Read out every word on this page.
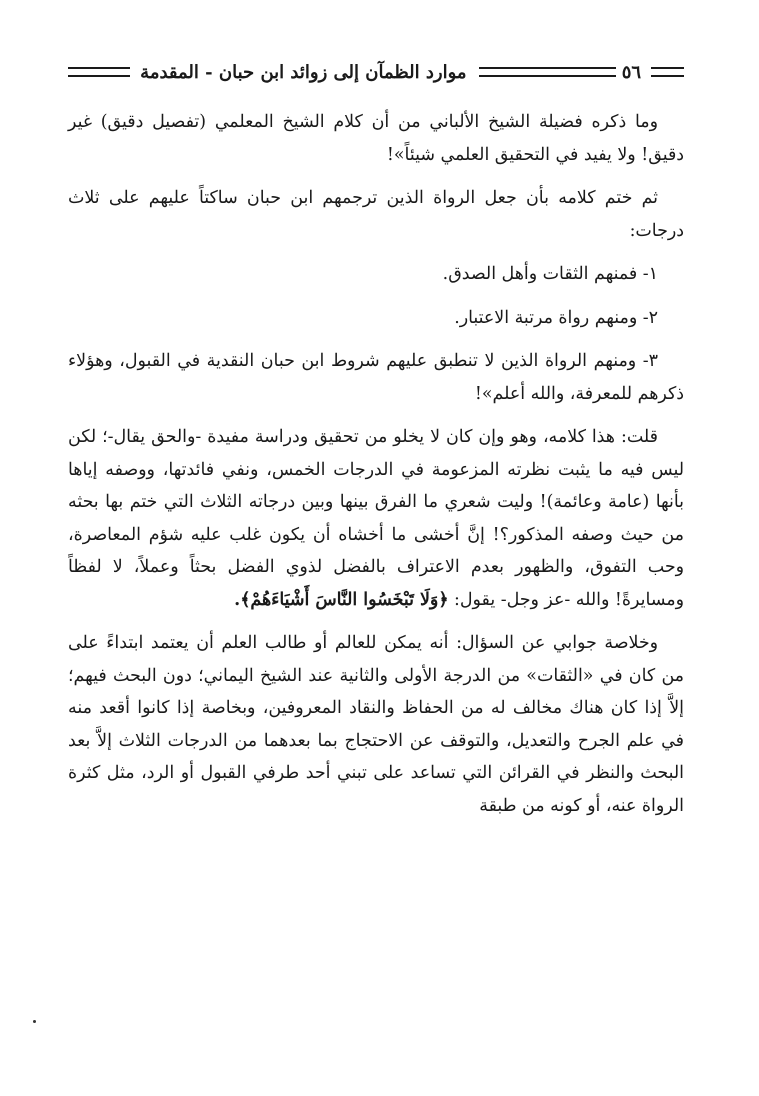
٥٦
موارد الظمآن إلى زوائد ابن حبان - المقدمة

وما ذكره فضيلة الشيخ الألباني من أن كلام الشيخ المعلمي (تفصيل دقيق) غير دقيق! ولا يفيد في التحقيق العلمي شيئاً»!

ثم ختم كلامه بأن جعل الرواة الذين ترجمهم ابن حبان ساكتاً عليهم على ثلاث درجات:

١- فمنهم الثقات وأهل الصدق.

٢- ومنهم رواة مرتبة الاعتبار.

٣- ومنهم الرواة الذين لا تنطبق عليهم شروط ابن حبان النقدية في القبول، وهؤلاء ذكرهم للمعرفة، والله أعلم»!

قلت: هذا كلامه، وهو وإن كان لا يخلو من تحقيق ودراسة مفيدة -والحق يقال-؛ لكن ليس فيه ما يثبت نظرته المزعومة في الدرجات الخمس، ونفي فائدتها، ووصفه إياها بأنها (عامة وعائمة)! وليت شعري ما الفرق بينها وبين درجاته الثلاث التي ختم بها بحثه من حيث وصفه المذكور؟! إنَّ أخشى ما أخشاه أن يكون غلب عليه شؤم المعاصرة، وحب التفوق، والظهور بعدم الاعتراف بالفضل لذوي الفضل بحثاً وعملاً، لا لفظاً ومسايرةً! والله -عز وجل- يقول: ﴿وَلَا تَبْخَسُوا النَّاسَ أَشْيَاءَهُمْ﴾.

وخلاصة جوابي عن السؤال: أنه يمكن للعالم أو طالب العلم أن يعتمد ابتداءً على من كان في «الثقات» من الدرجة الأولى والثانية عند الشيخ اليماني؛ دون البحث فيهم؛ إلاَّ إذا كان هناك مخالف له من الحفاظ والنقاد المعروفين، وبخاصة إذا كانوا أقعد منه في علم الجرح والتعديل، والتوقف عن الاحتجاج بما بعدهما من الدرجات الثلاث إلاَّ بعد البحث والنظر في القرائن التي تساعد على تبني أحد طرفي القبول أو الرد، مثل كثرة الرواة عنه، أو كونه من طبقة
